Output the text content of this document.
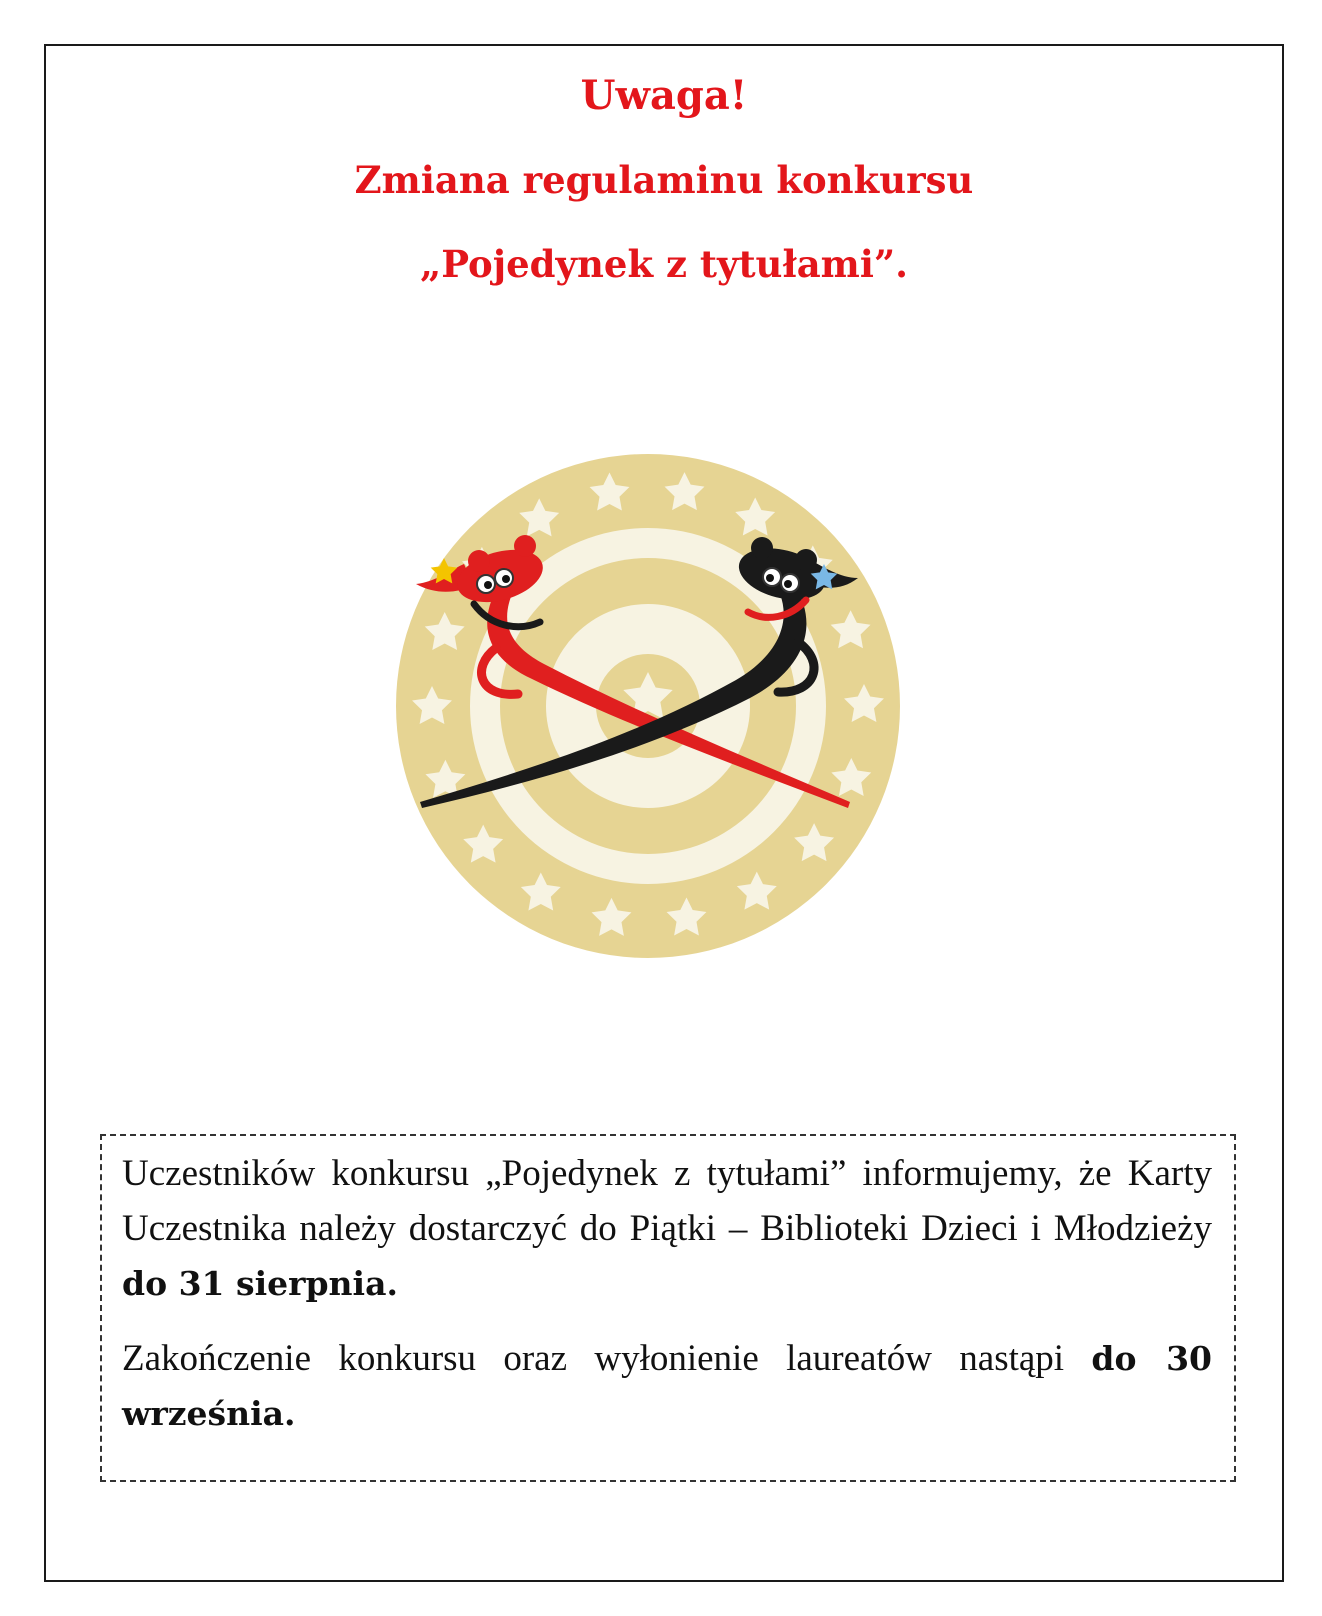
Uwaga!
Zmiana regulaminu konkursu
„Pojedynek z tytułami”.

Uczestników konkursu „Pojedynek z tytułami” informujemy, że Karty Uczestnika należy dostarczyć do Piątki – Biblioteki Dzieci i Młodzieży do 31 sierpnia.

Zakończenie konkursu oraz wyłonienie laureatów nastąpi do 30 września.
